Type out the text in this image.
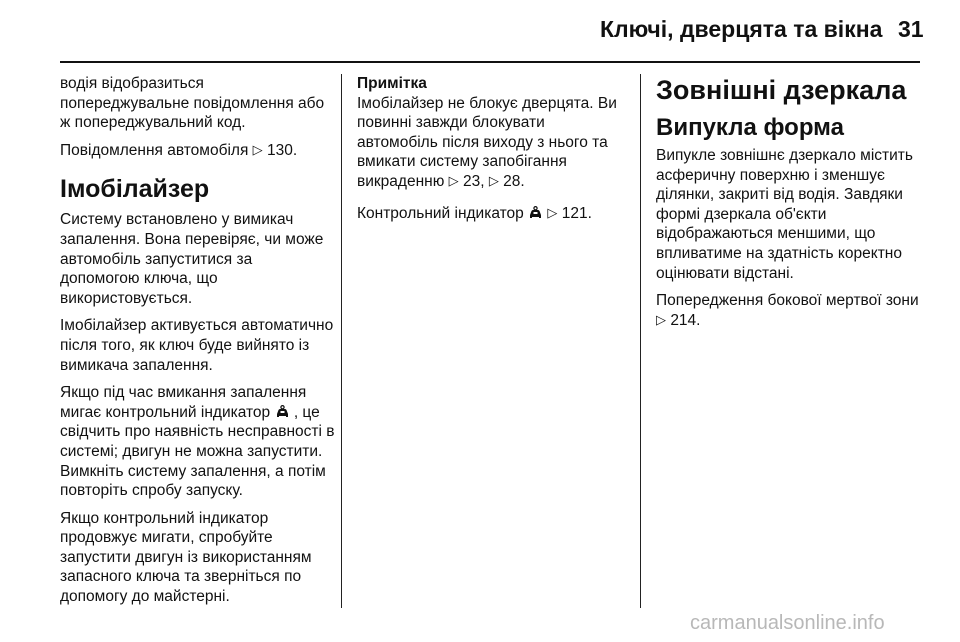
Ключі, дверцята та вікна 31

водія відобразиться попереджувальне повідомлення або ж попереджувальний код.

Повідомлення автомобіля ▷ 130.

Імобілайзер

Систему встановлено у вимикач запалення. Вона перевіряє, чи може автомобіль запуститися за допомогою ключа, що використовується.

Імобілайзер активується автоматично після того, як ключ буде вийнято із вимикача запалення.

Якщо під час вмикання запалення мигає контрольний індикатор , це свідчить про наявність несправності в системі; двигун не можна запустити. Вимкніть систему запалення, а потім повторіть спробу запуску.

Якщо контрольний індикатор продовжує мигати, спробуйте запустити двигун із використанням запасного ключа та зверніться по допомогу до майстерні.

Примітка

Імобілайзер не блокує дверцята. Ви повинні завжди блокувати автомобіль після виходу з нього та вмикати систему запобігання викраденню ▷ 23, ▷ 28.

Контрольний індикатор ▷ 121.

Зовнішні дзеркала
Випукла форма

Випукле зовнішнє дзеркало містить асферичну поверхню і зменшує ділянки, закриті від водія. Завдяки формі дзеркала об'єкти відображаються меншими, що впливатиме на здатність коректно оцінювати відстані.

Попередження бокової мертвої зони ▷ 214.

carmanualsonline.info
